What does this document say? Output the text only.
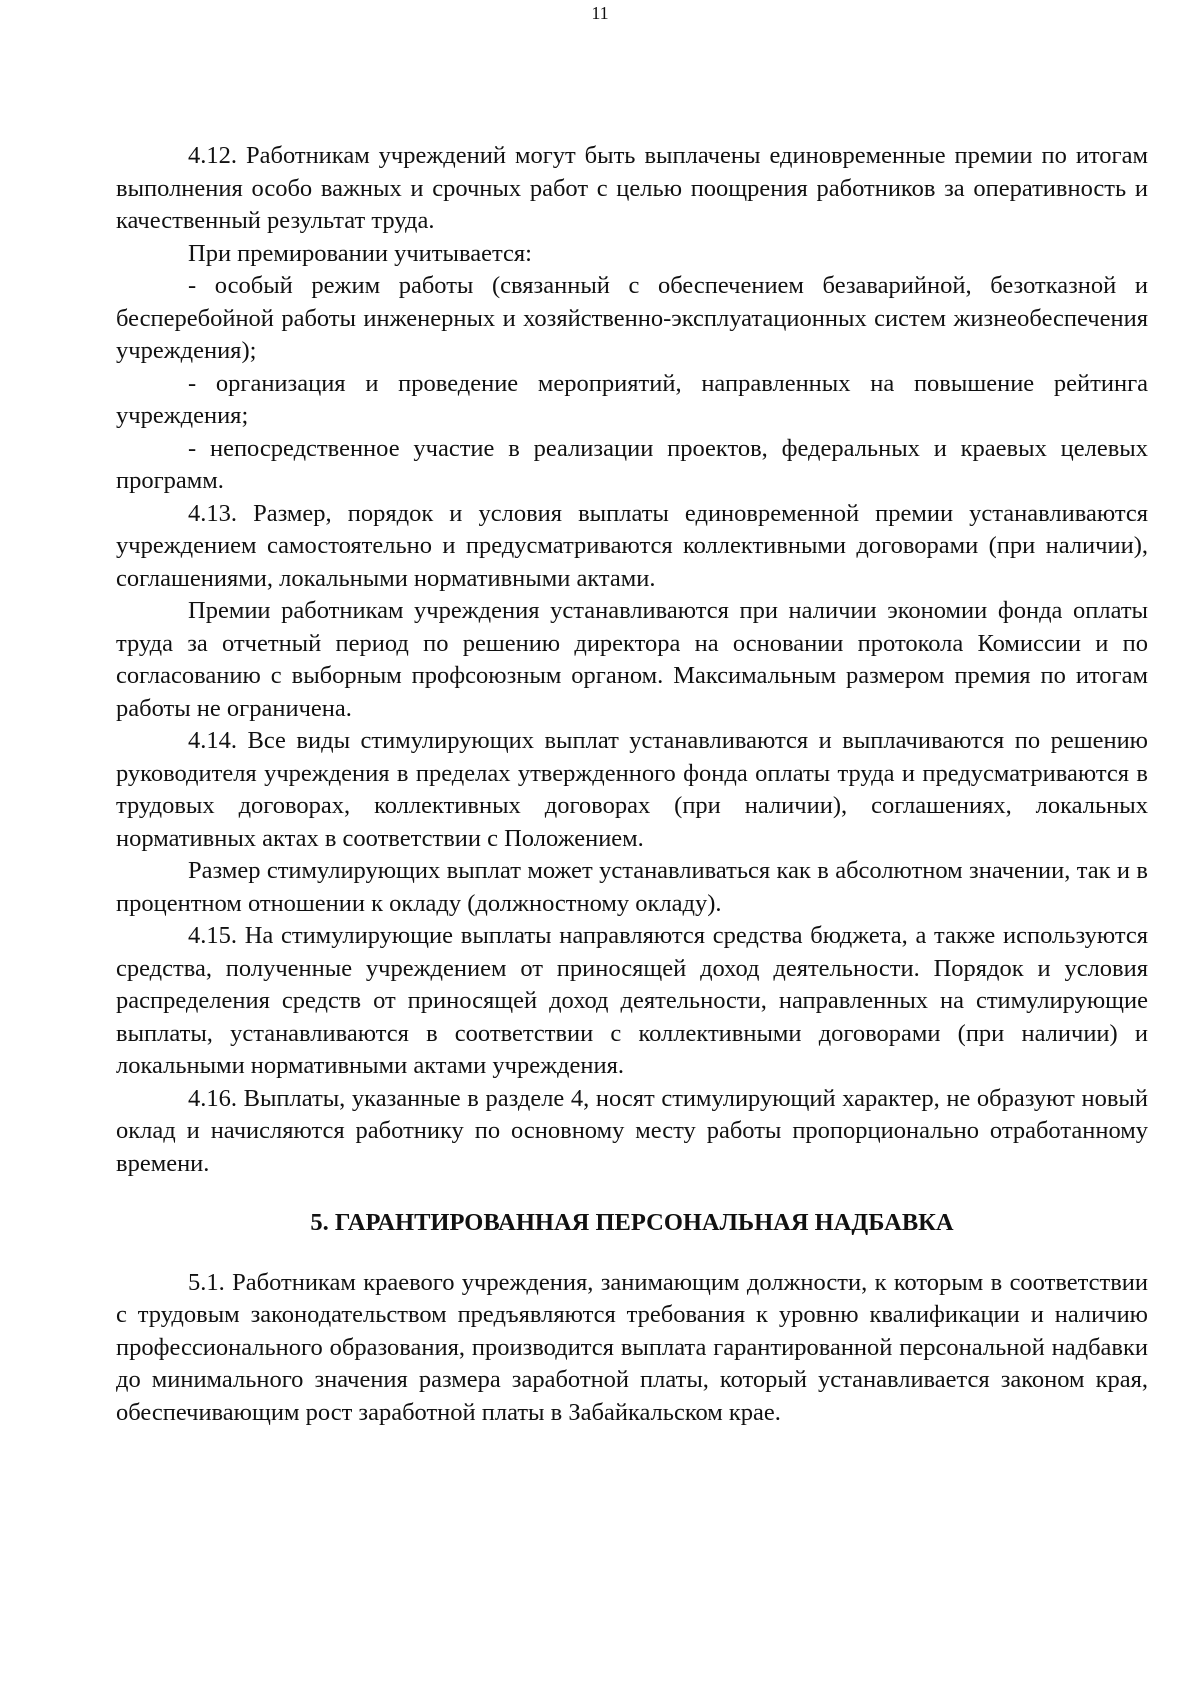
11

4.12. Работникам учреждений могут быть выплачены единовременные премии по итогам выполнения особо важных и срочных работ с целью поощрения работников за оперативность и качественный результат труда.

При премировании учитывается:

- особый режим работы (связанный с обеспечением безаварийной, безотказной и бесперебойной работы инженерных и хозяйственно-эксплуатационных систем жизнеобеспечения учреждения);

- организация и проведение мероприятий, направленных на повышение рейтинга учреждения;

- непосредственное участие в реализации проектов, федеральных и краевых целевых программ.

4.13. Размер, порядок и условия выплаты единовременной премии устанавливаются учреждением самостоятельно и предусматриваются коллективными договорами (при наличии), соглашениями, локальными нормативными актами.

Премии работникам учреждения устанавливаются при наличии экономии фонда оплаты труда за отчетный период по решению директора на основании протокола Комиссии и по согласованию с выборным профсоюзным органом. Максимальным размером премия по итогам работы не ограничена.

4.14. Все виды стимулирующих выплат устанавливаются и выплачиваются по решению руководителя учреждения в пределах утвержденного фонда оплаты труда и предусматриваются в трудовых договорах, коллективных договорах (при наличии), соглашениях, локальных нормативных актах в соответствии с Положением.

Размер стимулирующих выплат может устанавливаться как в абсолютном значении, так и в процентном отношении к окладу (должностному окладу).

4.15. На стимулирующие выплаты направляются средства бюджета, а также используются средства, полученные учреждением от приносящей доход деятельности. Порядок и условия распределения средств от приносящей доход деятельности, направленных на стимулирующие выплаты, устанавливаются в соответствии с коллективными договорами (при наличии) и локальными нормативными актами учреждения.

4.16. Выплаты, указанные в разделе 4, носят стимулирующий характер, не образуют новый оклад и начисляются работнику по основному месту работы пропорционально отработанному времени.

5. ГАРАНТИРОВАННАЯ ПЕРСОНАЛЬНАЯ НАДБАВКА

5.1. Работникам краевого учреждения, занимающим должности, к которым в соответствии с трудовым законодательством предъявляются требования к уровню квалификации и наличию профессионального образования, производится выплата гарантированной персональной надбавки до минимального значения размера заработной платы, который устанавливается законом края, обеспечивающим рост заработной платы в Забайкальском крае.
